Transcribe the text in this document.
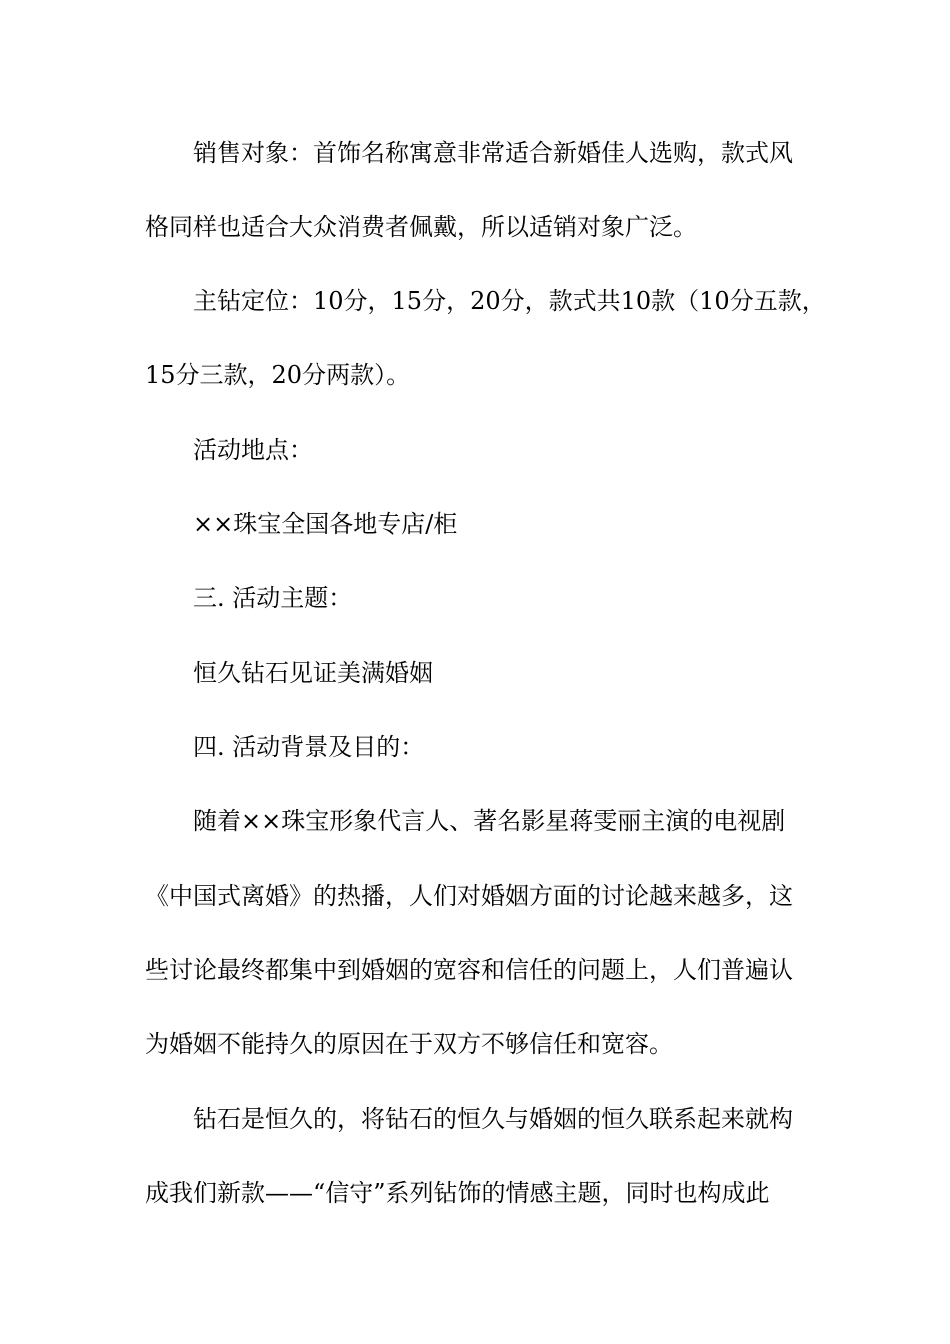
销售对象：首饰名称寓意非常适合新婚佳人选购，款式风
格同样也适合大众消费者佩戴，所以适销对象广泛。
主钻定位：10分，15分，20分，款式共10款（10分五款，
15分三款，20分两款）。
活动地点：
××珠宝全国各地专店/柜
三. 活动主题：
恒久钻石见证美满婚姻
四. 活动背景及目的：
随着××珠宝形象代言人、著名影星蒋雯丽主演的电视剧
《中国式离婚》的热播，人们对婚姻方面的讨论越来越多，这
些讨论最终都集中到婚姻的宽容和信任的问题上，人们普遍认
为婚姻不能持久的原因在于双方不够信任和宽容。
钻石是恒久的，将钻石的恒久与婚姻的恒久联系起来就构
成我们新款——“信守”系列钻饰的情感主题，同时也构成此
